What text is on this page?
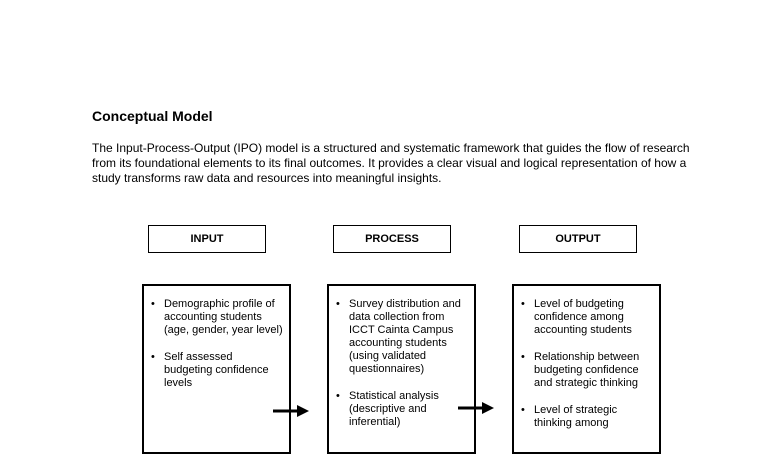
Conceptual Model
The Input-Process-Output (IPO) model is a structured and systematic framework that guides the flow of research from its foundational elements to its final outcomes. It provides a clear visual and logical representation of how a study transforms raw data and resources into meaningful insights.
INPUT	PROCESS	OUTPUT
• Demographic profile of accounting students (age, gender, year level)
• Self assessed budgeting confidence levels
• Survey distribution and data collection from ICCT Cainta Campus accounting students (using validated questionnaires)
• Statistical analysis (descriptive and inferential)
• Level of budgeting confidence among accounting students
• Relationship between budgeting confidence and strategic thinking
• Level of strategic thinking among
